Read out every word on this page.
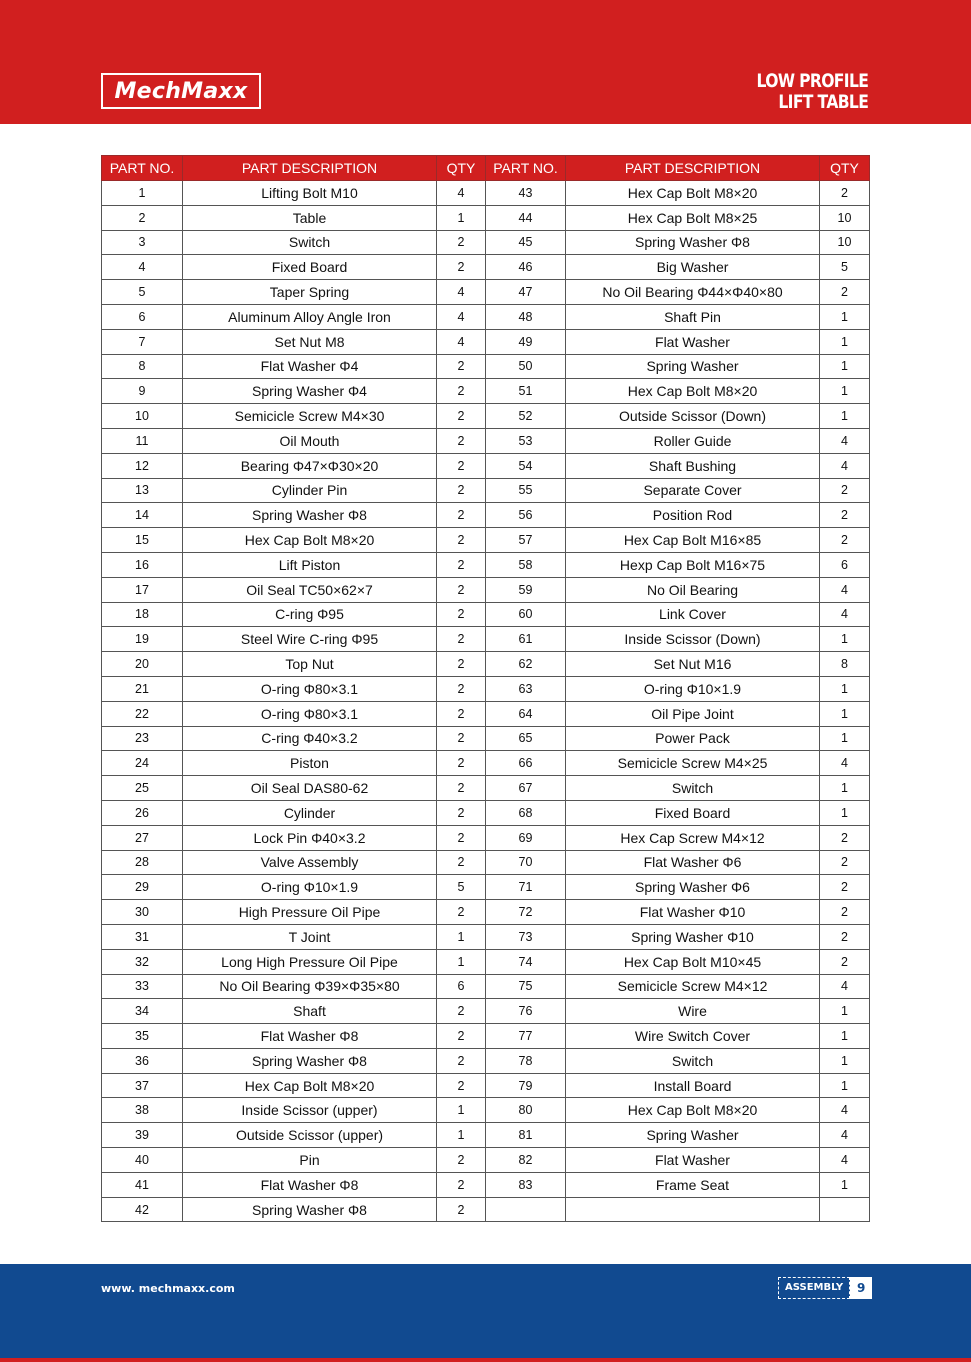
MechMaxx	LOW PROFILE
LIFT TABLE
PART NO.	PART DESCRIPTION	QTY	PART NO.	PART DESCRIPTION	QTY
1	Lifting Bolt M10	4	43	Hex Cap Bolt M8×20	2
2	Table	1	44	Hex Cap Bolt M8×25	10
3	Switch	2	45	Spring Washer Φ8	10
4	Fixed Board	2	46	Big Washer	5
5	Taper Spring	4	47	No Oil Bearing Φ44×Φ40×80	2
6	Aluminum Alloy Angle Iron	4	48	Shaft Pin	1
7	Set Nut M8	4	49	Flat Washer	1
8	Flat Washer Φ4	2	50	Spring Washer	1
9	Spring Washer Φ4	2	51	Hex Cap Bolt M8×20	1
10	Semicicle Screw M4×30	2	52	Outside Scissor (Down)	1
11	Oil Mouth	2	53	Roller Guide	4
12	Bearing Φ47×Φ30×20	2	54	Shaft Bushing	4
13	Cylinder Pin	2	55	Separate Cover	2
14	Spring Washer Φ8	2	56	Position Rod	2
15	Hex Cap Bolt M8×20	2	57	Hex Cap Bolt M16×85	2
16	Lift Piston	2	58	Hexp Cap Bolt M16×75	6
17	Oil Seal TC50×62×7	2	59	No Oil Bearing	4
18	C-ring Φ95	2	60	Link Cover	4
19	Steel Wire C-ring Φ95	2	61	Inside Scissor (Down)	1
20	Top Nut	2	62	Set Nut M16	8
21	O-ring Φ80×3.1	2	63	O-ring Φ10×1.9	1
22	O-ring Φ80×3.1	2	64	Oil Pipe Joint	1
23	C-ring Φ40×3.2	2	65	Power Pack	1
24	Piston	2	66	Semicicle Screw M4×25	4
25	Oil Seal DAS80-62	2	67	Switch	1
26	Cylinder	2	68	Fixed Board	1
27	Lock Pin Φ40×3.2	2	69	Hex Cap Screw M4×12	2
28	Valve Assembly	2	70	Flat Washer Φ6	2
29	O-ring Φ10×1.9	5	71	Spring Washer Φ6	2
30	High Pressure Oil Pipe	2	72	Flat Washer Φ10	2
31	T Joint	1	73	Spring Washer Φ10	2
32	Long High Pressure Oil Pipe	1	74	Hex Cap Bolt M10×45	2
33	No Oil Bearing Φ39×Φ35×80	6	75	Semicicle Screw M4×12	4
34	Shaft	2	76	Wire	1
35	Flat Washer Φ8	2	77	Wire Switch Cover	1
36	Spring Washer Φ8	2	78	Switch	1
37	Hex Cap Bolt M8×20	2	79	Install Board	1
38	Inside Scissor (upper)	1	80	Hex Cap Bolt M8×20	4
39	Outside Scissor (upper)	1	81	Spring Washer	4
40	Pin	2	82	Flat Washer	4
41	Flat Washer Φ8	2	83	Frame Seat	1
42	Spring Washer Φ8	2			
www. mechmaxx.com	ASSEMBLY	9
